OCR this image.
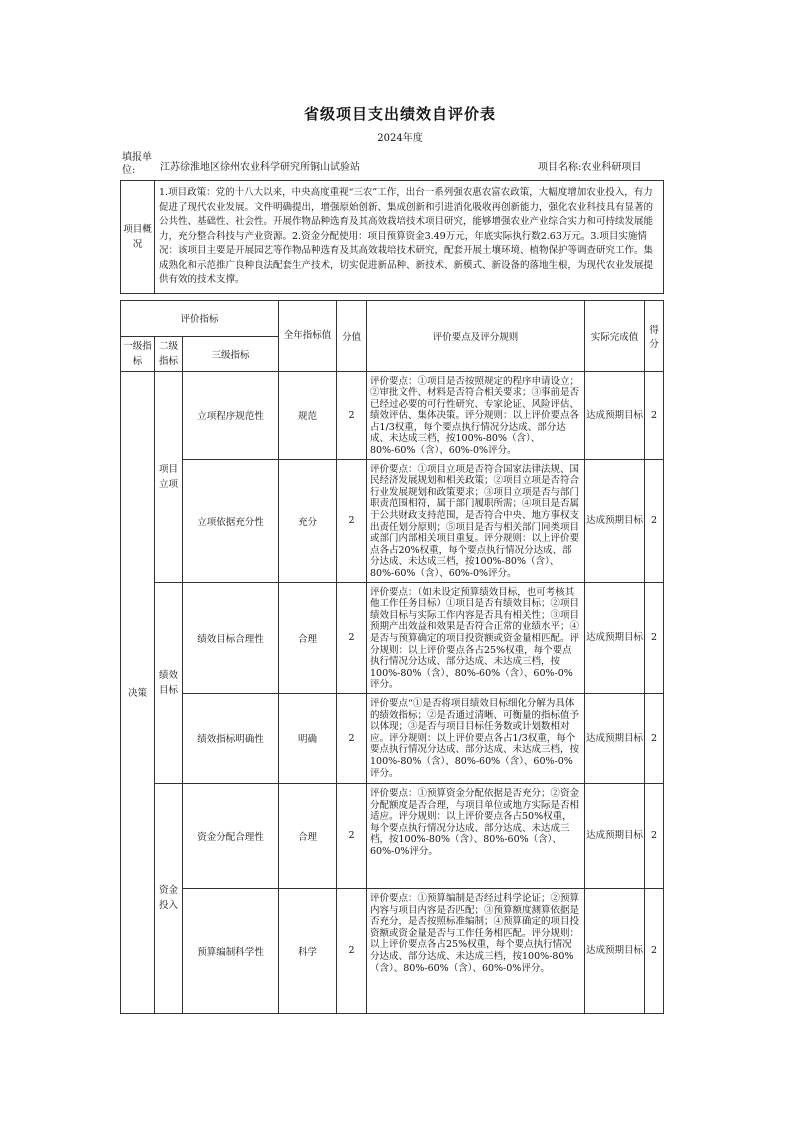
省级项目支出绩效自评价表
2024年度
填报单位:	江苏徐淮地区徐州农业科学研究所铜山试验站	项目名称:农业科研项目
项目概况	1.项目政策：党的十八大以来，中央高度重视“三农”工作，出台一系列强农惠农富农政策，大幅度增加农业投入，有力促进了现代农业发展。文件明确提出，增强原始创新、集成创新和引进消化吸收再创新能力，强化农业科技具有显著的公共性、基础性、社会性。开展作物品种选育及其高效栽培技术项目研究，能够增强农业产业综合实力和可持续发展能力，充分整合科技与产业资源。2.资金分配使用：项目预算资金3.49万元，年底实际执行数2.63万元。3.项目实施情况：该项目主要是开展园艺等作物品种选育及其高效栽培技术研究，配套开展土壤环境、植物保护等调查研究工作。集成熟化和示范推广良种良法配套生产技术，切实促进新品种、新技术、新模式、新设备的落地生根，为现代农业发展提供有效的技术支撑。						

评价指标			全年指标值	分值	评价要点及评分规则	实际完成值	得分
一级指标	二级指标	三级指标					
决策	项目立项	立项程序规范性	规范	2	评价要点：①项目是否按照规定的程序申请设立；②审批文件、材料是否符合相关要求；③事前是否已经过必要的可行性研究、专家论证、风险评估、绩效评估、集体决策。评分规则：以上评价要点各占1/3权重，每个要点执行情况分达成、部分达成、未达成三档，按100%-80%（含）、80%-60%（含）、60%-0%评分。	达成预期目标	2
		立项依据充分性	充分	2	评价要点：①项目立项是否符合国家法律法规、国民经济发展规划和相关政策；②项目立项是否符合行业发展规划和政策要求；③项目立项是否与部门职责范围相符，属于部门履职所需；④项目是否属于公共财政支持范围，是否符合中央、地方事权支出责任划分原则；⑤项目是否与相关部门同类项目或部门内部相关项目重复。评分规则：以上评价要点各占20%权重，每个要点执行情况分达成、部分达成、未达成三档，按100%-80%（含）、80%-60%（含）、60%-0%评分。	达成预期目标	2
	绩效目标	绩效目标合理性	合理	2	评价要点：（如未设定预算绩效目标，也可考核其他工作任务目标）①项目是否有绩效目标；②项目绩效目标与实际工作内容是否具有相关性；③项目预期产出效益和效果是否符合正常的业绩水平；④是否与预算确定的项目投资额或资金量相匹配。评分规则：以上评价要点各占25%权重，每个要点执行情况分达成、部分达成、未达成三档，按100%-80%（含）、80%-60%（含）、60%-0%评分。	达成预期目标	2
		绩效指标明确性	明确	2	评价要点“①是否将项目绩效目标细化分解为具体的绩效指标；②是否通过清晰、可衡量的指标值予以体现；③是否与项目目标任务数或计划数相对应。评分规则：以上评价要点各占1/3权重，每个要点执行情况分达成、部分达成、未达成三档，按100%-80%（含）、80%-60%（含）、60%-0%评分。	达成预期目标	2
	资金投入	资金分配合理性	合理	2	评价要点：①预算资金分配依据是否充分；②资金分配额度是否合理，与项目单位或地方实际是否相适应。评分规则：以上评价要点各占50%权重，每个要点执行情况分达成、部分达成、未达成三档，按100%-80%（含）、80%-60%（含）、60%-0%评分。	达成预期目标	2
		预算编制科学性	科学	2	评价要点：①预算编制是否经过科学论证；②预算内容与项目内容是否匹配；③预算额度测算依据是否充分，是否按照标准编制；④预算确定的项目投资额或资金量是否与工作任务相匹配。评分规则：以上评价要点各占25%权重，每个要点执行情况分达成、部分达成、未达成三档，按100%-80%（含）、80%-60%（含）、60%-0%评分。	达成预期目标	2
